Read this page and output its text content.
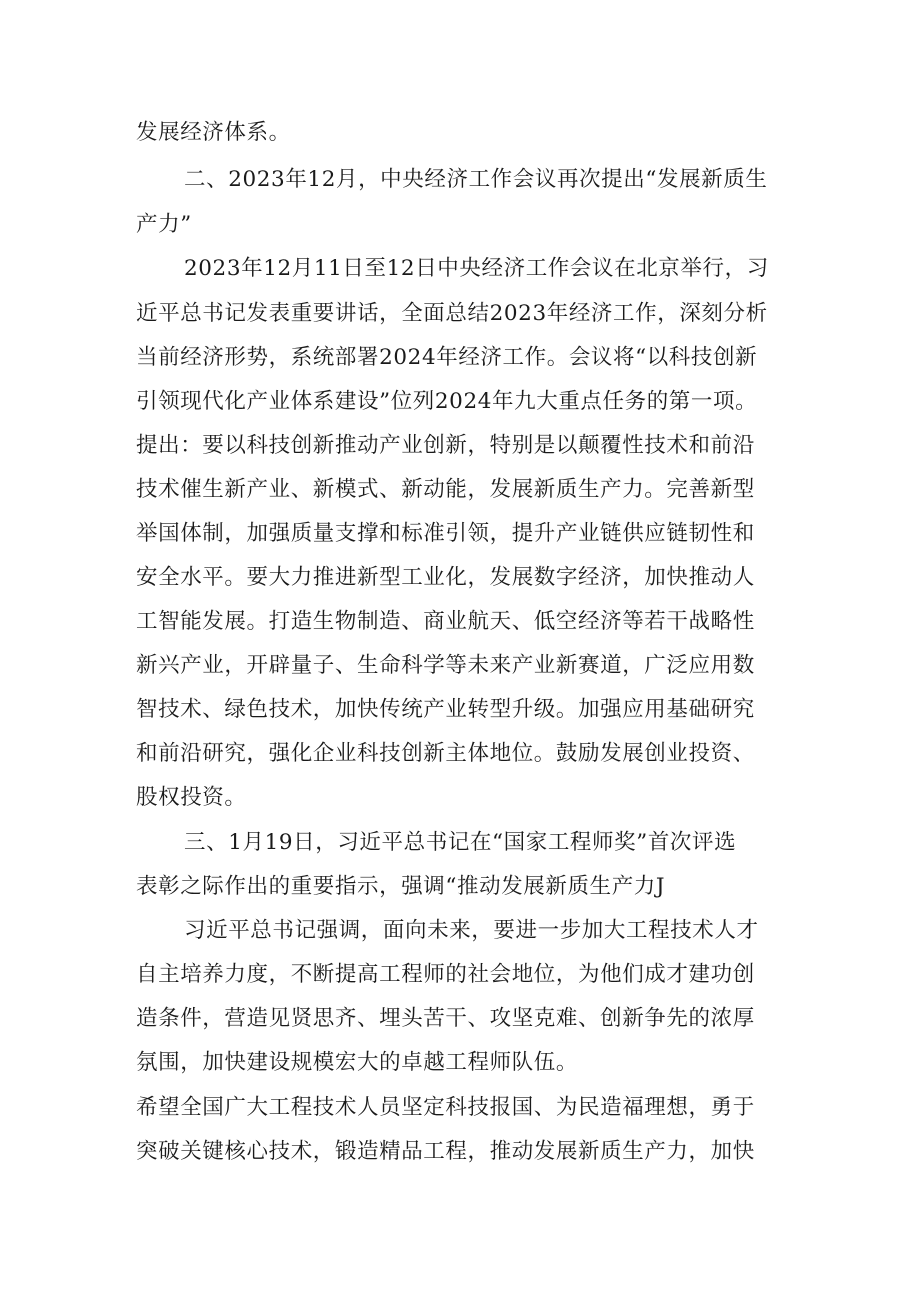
发展经济体系。
二、2023年12月，中央经济工作会议再次提出“发展新质生
产力”
2023年12月11日至12日中央经济工作会议在北京举行，习
近平总书记发表重要讲话，全面总结2023年经济工作，深刻分析
当前经济形势，系统部署2024年经济工作。会议将“以科技创新
引领现代化产业体系建设”位列2024年九大重点任务的第一项。
提出：要以科技创新推动产业创新，特别是以颠覆性技术和前沿
技术催生新产业、新模式、新动能，发展新质生产力。完善新型
举国体制，加强质量支撑和标准引领，提升产业链供应链韧性和
安全水平。要大力推进新型工业化，发展数字经济，加快推动人
工智能发展。打造生物制造、商业航天、低空经济等若干战略性
新兴产业，开辟量子、生命科学等未来产业新赛道，广泛应用数
智技术、绿色技术，加快传统产业转型升级。加强应用基础研究
和前沿研究，强化企业科技创新主体地位。鼓励发展创业投资、
股权投资。
三、1月19日，习近平总书记在“国家工程师奖”首次评选
表彰之际作出的重要指示，强调“推动发展新质生产力J
习近平总书记强调，面向未来，要进一步加大工程技术人才
自主培养力度，不断提高工程师的社会地位，为他们成才建功创
造条件，营造见贤思齐、埋头苦干、攻坚克难、创新争先的浓厚
氛围，加快建设规模宏大的卓越工程师队伍。
希望全国广大工程技术人员坚定科技报国、为民造福理想，勇于
突破关键核心技术，锻造精品工程，推动发展新质生产力，加快
